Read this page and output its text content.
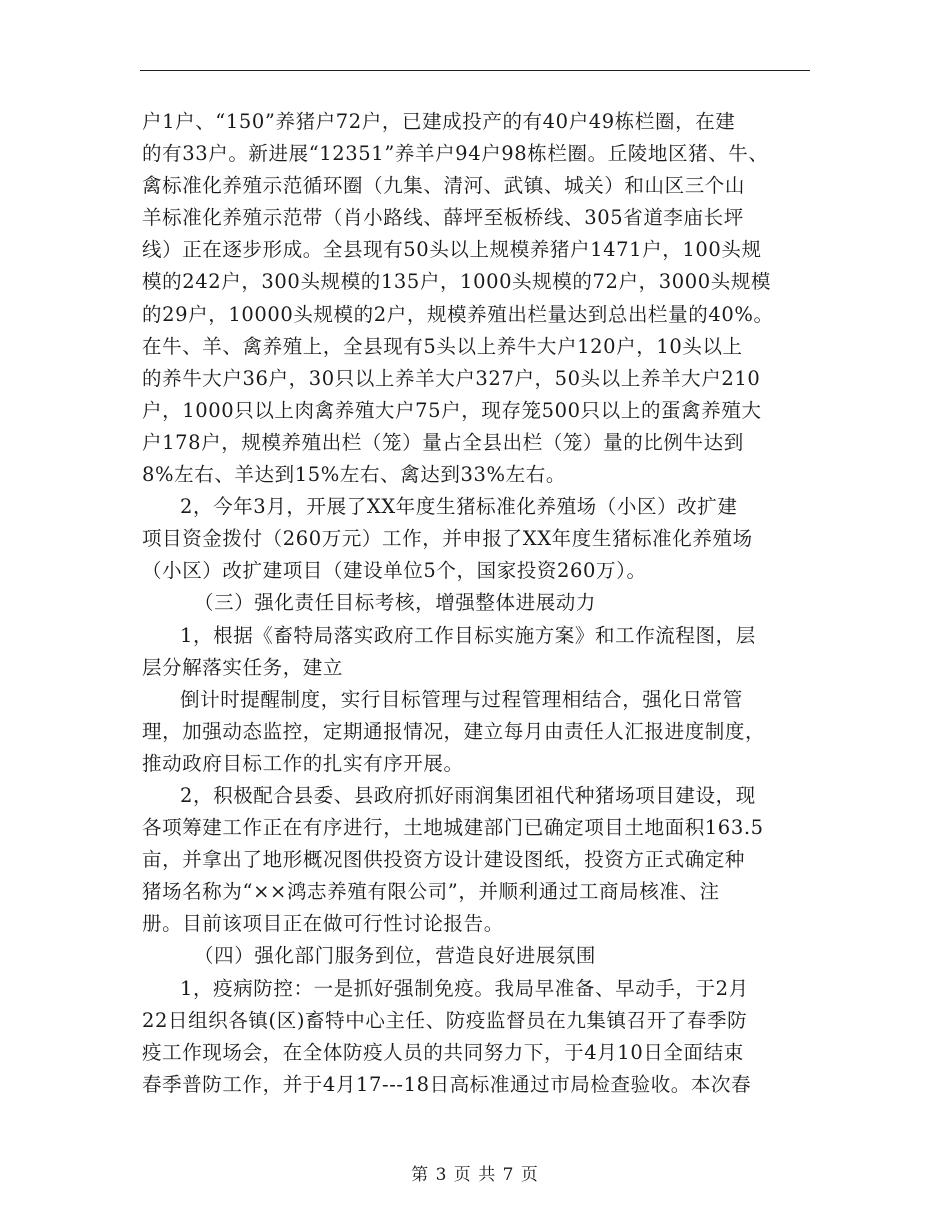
户1户、“150”养猪户72户，已建成投产的有40户49栋栏圈，在建
的有33户。新进展“12351”养羊户94户98栋栏圈。丘陵地区猪、牛、
禽标准化养殖示范循环圈（九集、清河、武镇、城关）和山区三个山
羊标准化养殖示范带（肖小路线、薛坪至板桥线、305省道李庙长坪
线）正在逐步形成。全县现有50头以上规模养猪户1471户，100头规
模的242户，300头规模的135户，1000头规模的72户，3000头规模
的29户，10000头规模的2户，规模养殖出栏量达到总出栏量的40%。
在牛、羊、禽养殖上，全县现有5头以上养牛大户120户，10头以上
的养牛大户36户，30只以上养羊大户327户，50头以上养羊大户210
户，1000只以上肉禽养殖大户75户，现存笼500只以上的蛋禽养殖大
户178户，规模养殖出栏（笼）量占全县出栏（笼）量的比例牛达到
8%左右、羊达到15%左右、禽达到33%左右。
2，今年3月，开展了XX年度生猪标准化养殖场（小区）改扩建
项目资金拨付（260万元）工作，并申报了XX年度生猪标准化养殖场
（小区）改扩建项目（建设单位5个，国家投资260万）。
（三）强化责任目标考核，增强整体进展动力
1，根据《畜特局落实政府工作目标实施方案》和工作流程图，层
层分解落实任务，建立
倒计时提醒制度，实行目标管理与过程管理相结合，强化日常管
理，加强动态监控，定期通报情况，建立每月由责任人汇报进度制度，
推动政府目标工作的扎实有序开展。
2，积极配合县委、县政府抓好雨润集团祖代种猪场项目建设，现
各项筹建工作正在有序进行，土地城建部门已确定项目土地面积163.5
亩，并拿出了地形概况图供投资方设计建设图纸，投资方正式确定种
猪场名称为“××鸿志养殖有限公司”，并顺利通过工商局核准、注
册。目前该项目正在做可行性讨论报告。
（四）强化部门服务到位，营造良好进展氛围
1，疫病防控：一是抓好强制免疫。我局早准备、早动手，于2月
22日组织各镇(区)畜特中心主任、防疫监督员在九集镇召开了春季防
疫工作现场会，在全体防疫人员的共同努力下，于4月10日全面结束
春季普防工作，并于4月17---18日高标准通过市局检查验收。本次春
第 3 页 共 7 页
